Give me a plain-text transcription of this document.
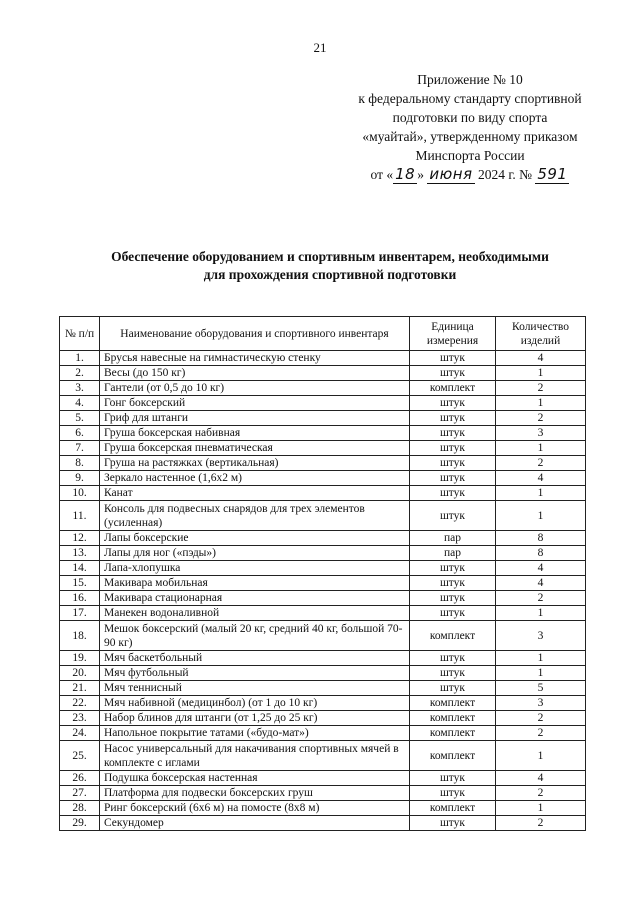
21
Приложение № 10
к федеральному стандарту спортивной
подготовки по виду спорта
«муайтай», утвержденному приказом
Минспорта России
от « 18 » июня 2024 г. № 591
Обеспечение оборудованием и спортивным инвентарем, необходимыми
для прохождения спортивной подготовки
№ п/п	Наименование оборудования и спортивного инвентаря	Единица измерения	Количество изделий
1.	Брусья навесные на гимнастическую стенку	штук	4
2.	Весы (до 150 кг)	штук	1
3.	Гантели (от 0,5 до 10 кг)	комплект	2
4.	Гонг боксерский	штук	1
5.	Гриф для штанги	штук	2
6.	Груша боксерская набивная	штук	3
7.	Груша боксерская пневматическая	штук	1
8.	Груша на растяжках (вертикальная)	штук	2
9.	Зеркало настенное (1,6х2 м)	штук	4
10.	Канат	штук	1
11.	Консоль для подвесных снарядов для трех элементов (усиленная)	штук	1
12.	Лапы боксерские	пар	8
13.	Лапы для ног («пэды»)	пар	8
14.	Лапа-хлопушка	штук	4
15.	Макивара мобильная	штук	4
16.	Макивара стационарная	штук	2
17.	Манекен водоналивной	штук	1
18.	Мешок боксерский (малый 20 кг, средний 40 кг, большой 70-90 кг)	комплект	3
19.	Мяч баскетбольный	штук	1
20.	Мяч футбольный	штук	1
21.	Мяч теннисный	штук	5
22.	Мяч набивной (медицинбол) (от 1 до 10 кг)	комплект	3
23.	Набор блинов для штанги (от 1,25 до 25 кг)	комплект	2
24.	Напольное покрытие татами («будо-мат»)	комплект	2
25.	Насос универсальный для накачивания спортивных мячей в комплекте с иглами	комплект	1
26.	Подушка боксерская настенная	штук	4
27.	Платформа для подвески боксерских груш	штук	2
28.	Ринг боксерский (6х6 м) на помосте (8х8 м)	комплект	1
29.	Секундомер	штук	2
